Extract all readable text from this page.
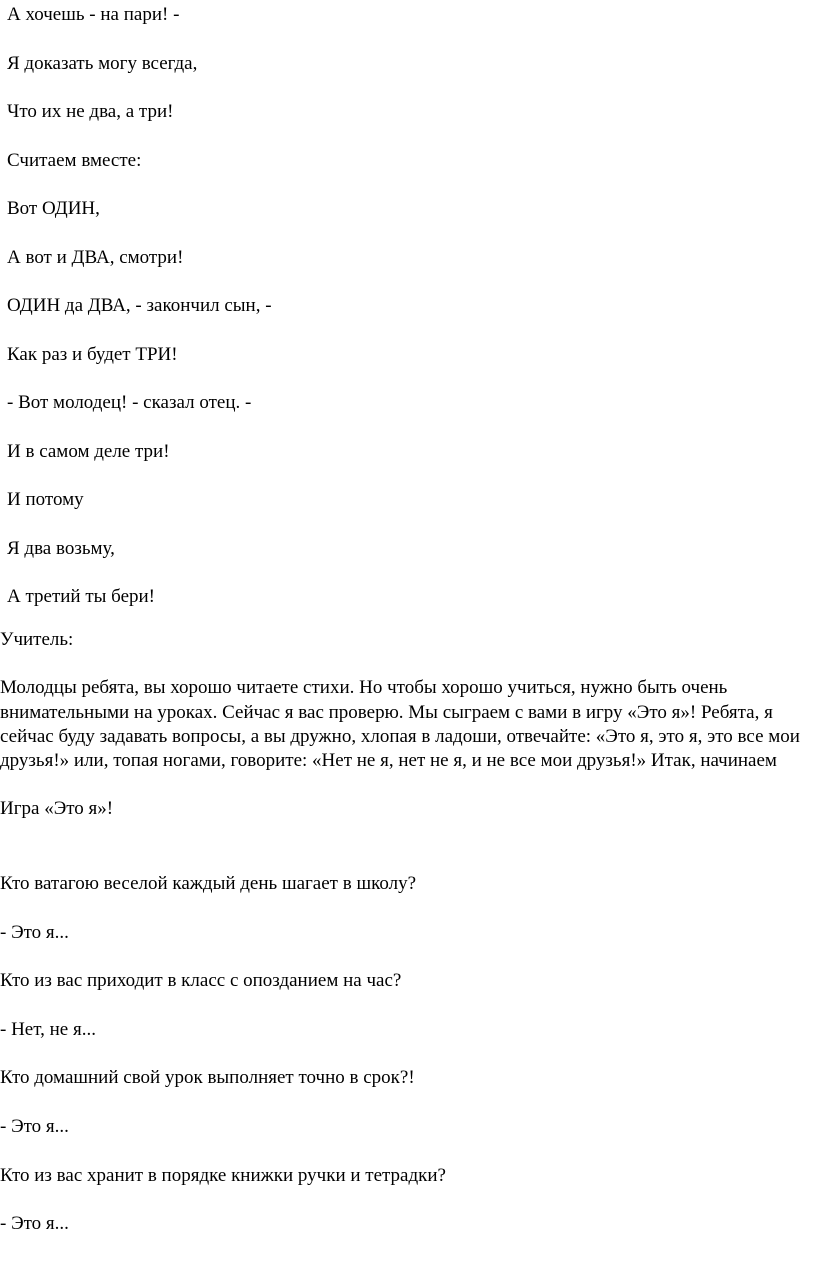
А хочешь - на пари! -
Я доказать могу всегда,
Что их не два, а три!
Считаем вместе:
Вот ОДИН,
А вот и ДВА, смотри!
ОДИН да ДВА, - закончил сын, -
Как раз и будет ТРИ!
- Вот молодец! - сказал отец. -
И в самом деле три!
И потому
Я два возьму,
А третий ты бери!

Учитель:

Молодцы ребята, вы хорошо читаете стихи. Но чтобы хорошо учиться, нужно быть очень внимательными на уроках. Сейчас я вас проверю. Мы сыграем с вами в игру «Это я»! Ребята, я сейчас буду задавать вопросы, а вы дружно, хлопая в ладоши, отвечайте: «Это я, это я, это все мои друзья!» или, топая ногами, говорите: «Нет не я, нет не я, и не все мои друзья!» Итак, начинаем

Игра «Это я»!

Кто ватагою веселой каждый день шагает в школу?
- Это я...
Кто из вас приходит в класс с опозданием на час?
- Нет, не я...
Кто домашний свой урок выполняет точно в срок?!
- Это я...
Кто из вас хранит в порядке книжки ручки и тетрадки?
- Это я...
